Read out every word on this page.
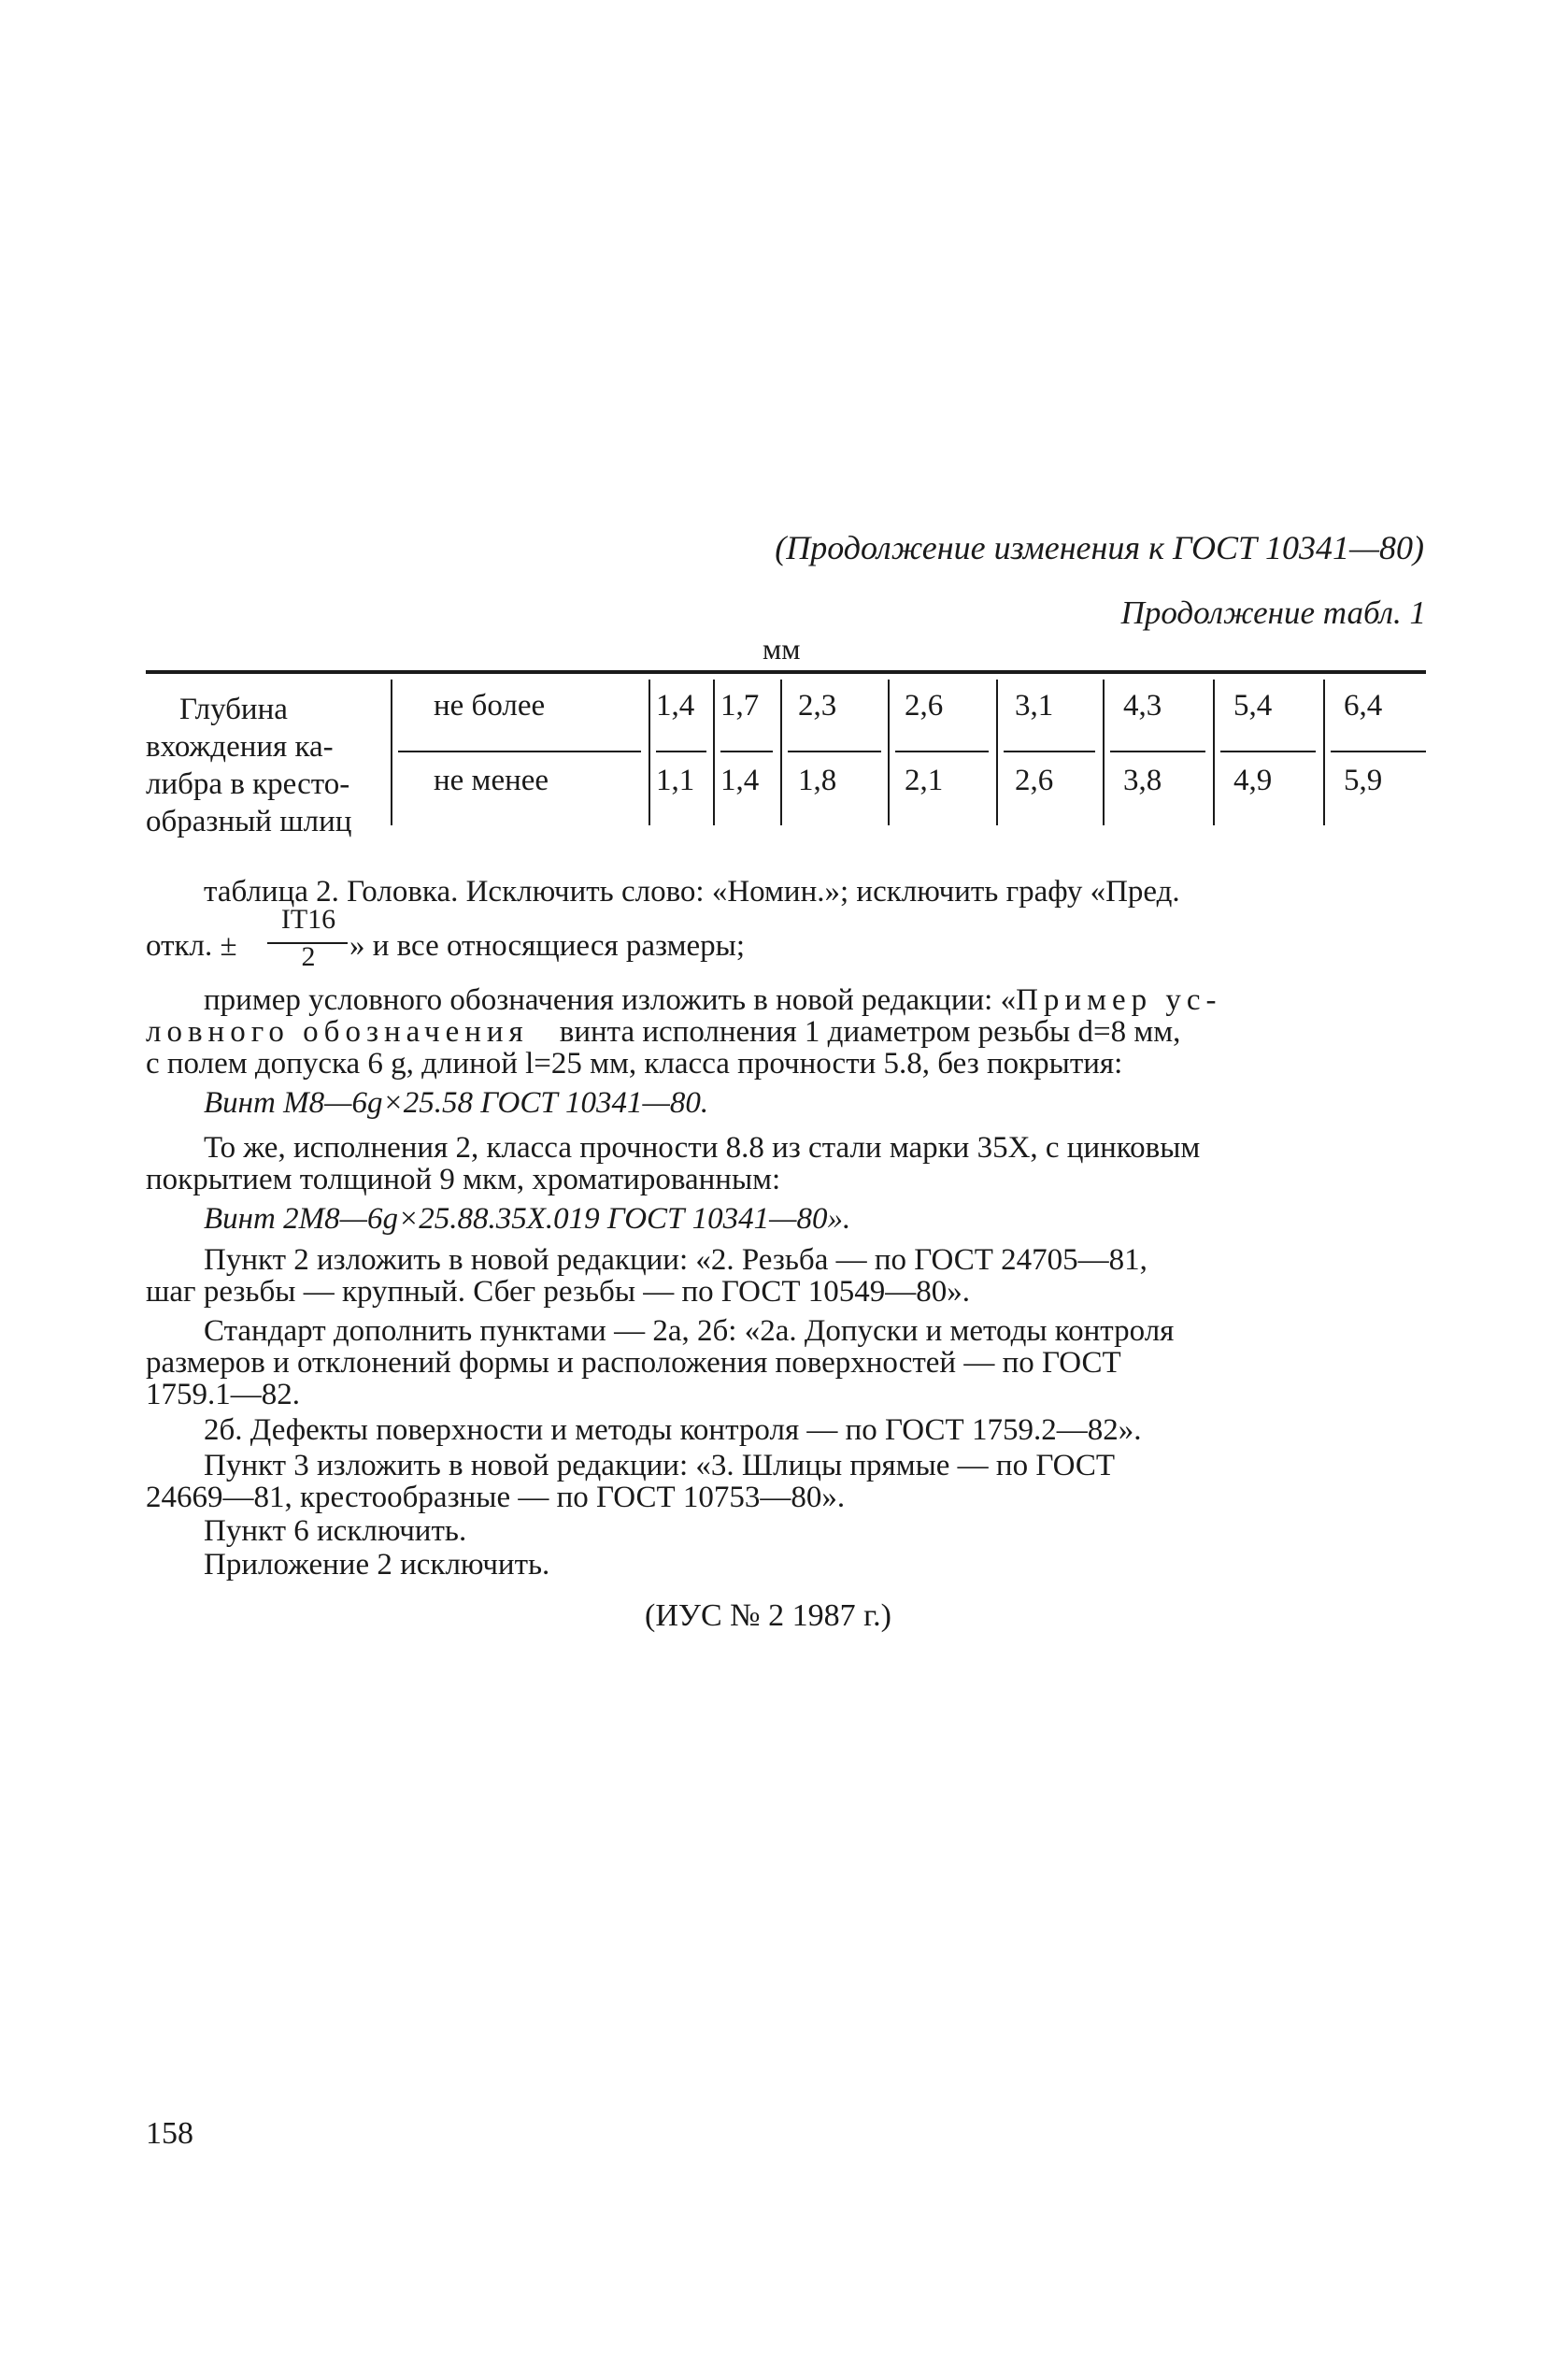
(Продолжение изменения к ГОСТ 10341—80)
Продолжение табл. 1
мм
Глубина
вхождения ка-
либра в кресто-
образный шлиц
не более	1,4 1,7 2,3 2,6 3,1 4,3 5,4 6,4
не менее	1,1 1,4 1,8 2,1 2,6 3,8 4,9 5,9
таблица 2. Головка. Исключить слово: «Номин.»; исключить графу «Пред.
IT16
откл. ±	2	» и все относящиеся размеры;
пример условного обозначения изложить в новой редакции: «Пример ус-
ловного обозначения винта исполнения 1 диаметром резьбы d=8 мм,
с полем допуска 6 g, длиной l=25 мм, класса прочности 5.8, без покрытия:
Винт М8—6g×25.58 ГОСТ 10341—80.
То же, исполнения 2, класса прочности 8.8 из стали марки 35Х, с цинковым
покрытием толщиной 9 мкм, хроматированным:
Винт 2М8—6g×25.88.35Х.019 ГОСТ 10341—80».
Пункт 2 изложить в новой редакции: «2. Резьба — по ГОСТ 24705—81,
шаг резьбы — крупный. Сбег резьбы — по ГОСТ 10549—80».
Стандарт дополнить пунктами — 2а, 2б: «2а. Допуски и методы контроля
размеров и отклонений формы и расположения поверхностей — по ГОСТ
1759.1—82.
2б. Дефекты поверхности и методы контроля — по ГОСТ 1759.2—82».
Пункт 3 изложить в новой редакции: «3. Шлицы прямые — по ГОСТ
24669—81, крестообразные — по ГОСТ 10753—80».
Пункт 6 исключить.
Приложение 2 исключить.
(ИУС № 2 1987 г.)
158
